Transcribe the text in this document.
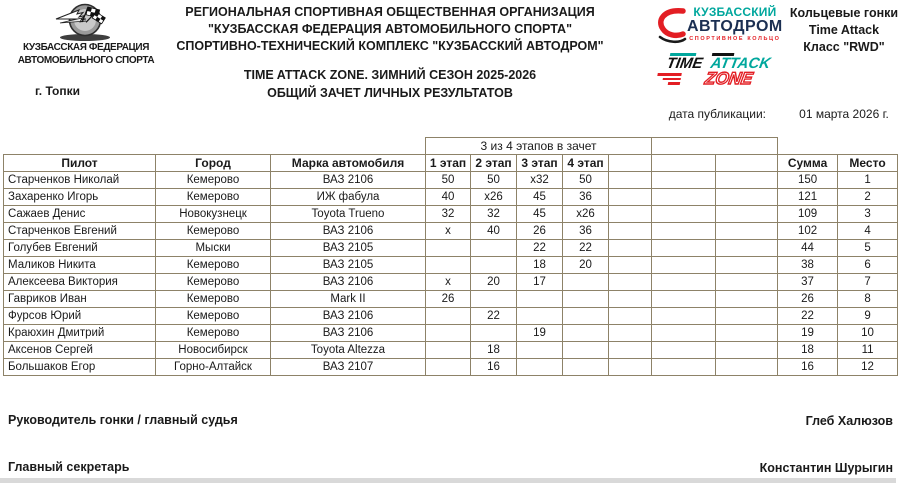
КУЗБАССКАЯ ФЕДЕРАЦИЯ
АВТОМОБИЛЬНОГО СПОРТА
г. Топки
РЕГИОНАЛЬНАЯ СПОРТИВНАЯ ОБЩЕСТВЕННАЯ ОРГАНИЗАЦИЯ
"КУЗБАССКАЯ ФЕДЕРАЦИЯ АВТОМОБИЛЬНОГО СПОРТА"
СПОРТИВНО-ТЕХНИЧЕСКИЙ КОМПЛЕКС "КУЗБАССКИЙ АВТОДРОМ"
TIME ATTACK ZONE. ЗИМНИЙ СЕЗОН 2025-2026
ОБЩИЙ ЗАЧЕТ ЛИЧНЫХ РЕЗУЛЬТАТОВ
КУЗБАССКИЙ
АВТОДРОМ
СПОРТИВНОЕ КОЛЬЦО
TIME ATTACK
ZONE
Кольцевые гонки
Time Attack
Класс "RWD"
дата публикации:	01 марта 2026 г.
			3 из 4 этапов в зачет								
Пилот	Город	Марка автомобиля	1 этап	2 этап	3 этап	4 этап				Сумма	Место
Старченков Николай	Кемерово	ВАЗ 2106	50	50	x32	50				150	1
Захаренко Игорь	Кемерово	ИЖ фабула	40	x26	45	36				121	2
Сажаев Денис	Новокузнецк	Toyota Trueno	32	32	45	x26				109	3
Старченков Евгений	Кемерово	ВАЗ 2106	x	40	26	36				102	4
Голубев Евгений	Мыски	ВАЗ 2105			22	22				44	5
Маликов Никита	Кемерово	ВАЗ 2105			18	20				38	6
Алексеева Виктория	Кемерово	ВАЗ 2106	x	20	17					37	7
Гавриков Иван	Кемерово	Mark II	26							26	8
Фурсов Юрий	Кемерово	ВАЗ 2106		22						22	9
Краюхин Дмитрий	Кемерово	ВАЗ 2106			19					19	10
Аксенов Сергей	Новосибирск	Toyota Altezza		18						18	11
Большаков Егор	Горно-Алтайск	ВАЗ 2107		16						16	12
Руководитель гонки / главный судья	Глеб Халюзов
Главный секретарь	Константин Шурыгин
